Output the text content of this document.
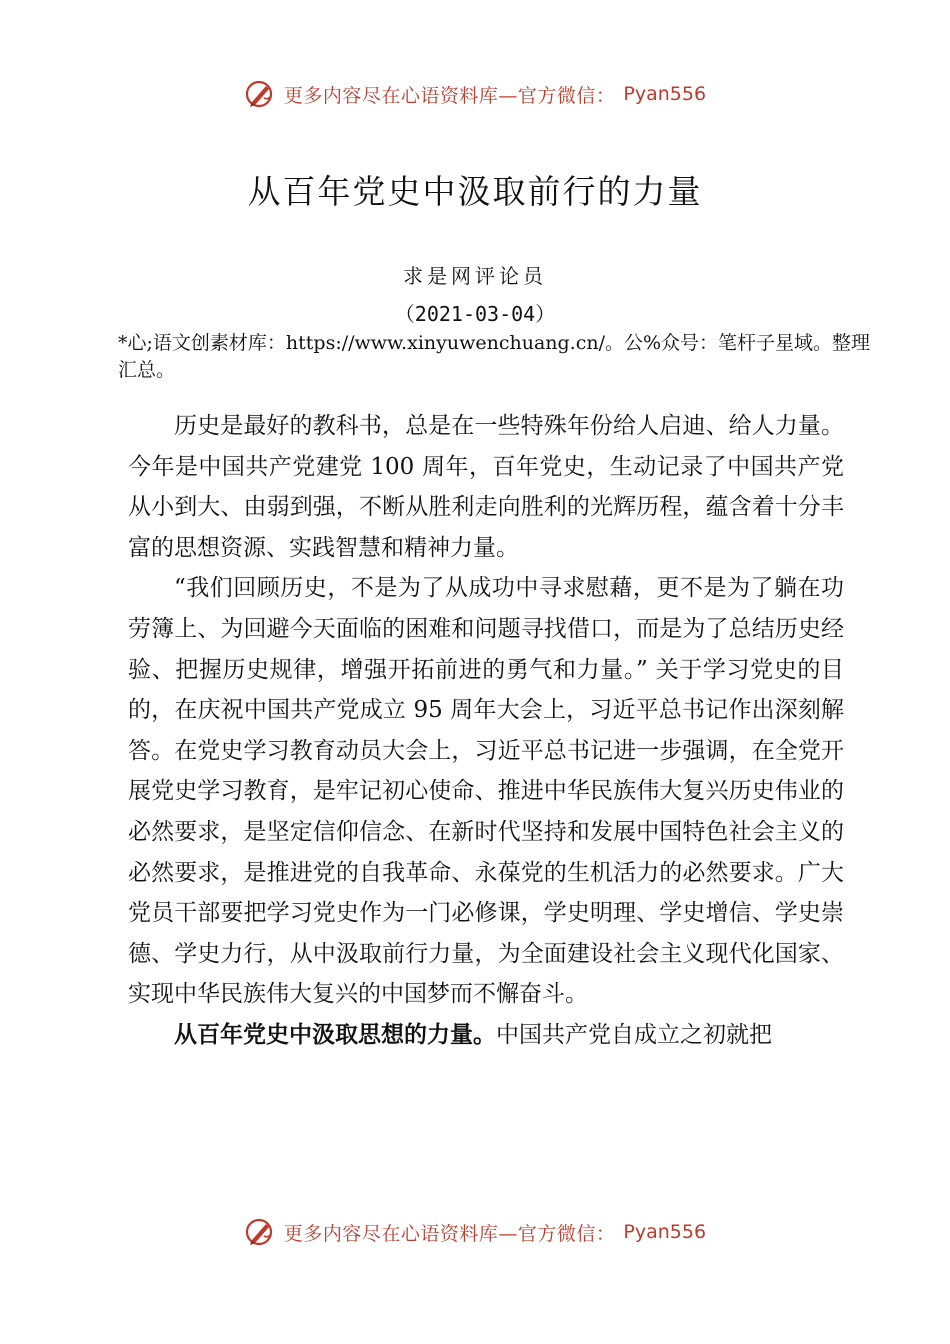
更多内容尽在心语资料库—官方微信： Pyan556
从百年党史中汲取前行的力量
求是网评论员
（2021-03-04）
*心;语文创素材库：https://www.xinyuwenchuang.cn/。公%众号：笔杆子星域。整理汇总。

历史是最好的教科书，总是在一些特殊年份给人启迪、给人力量。今年是中国共产党建党 100 周年，百年党史，生动记录了中国共产党从小到大、由弱到强，不断从胜利走向胜利的光辉历程，蕴含着十分丰富的思想资源、实践智慧和精神力量。

“我们回顾历史，不是为了从成功中寻求慰藉，更不是为了躺在功劳簿上、为回避今天面临的困难和问题寻找借口，而是为了总结历史经验、把握历史规律，增强开拓前进的勇气和力量。” 关于学习党史的目的，在庆祝中国共产党成立 95 周年大会上，习近平总书记作出深刻解答。在党史学习教育动员大会上，习近平总书记进一步强调，在全党开展党史学习教育，是牢记初心使命、推进中华民族伟大复兴历史伟业的必然要求，是坚定信仰信念、在新时代坚持和发展中国特色社会主义的必然要求，是推进党的自我革命、永葆党的生机活力的必然要求。广大党员干部要把学习党史作为一门必修课，学史明理、学史增信、学史崇德、学史力行，从中汲取前行力量，为全面建设社会主义现代化国家、实现中华民族伟大复兴的中国梦而不懈奋斗。

从百年党史中汲取思想的力量。中国共产党自成立之初就把

更多内容尽在心语资料库—官方微信： Pyan556
